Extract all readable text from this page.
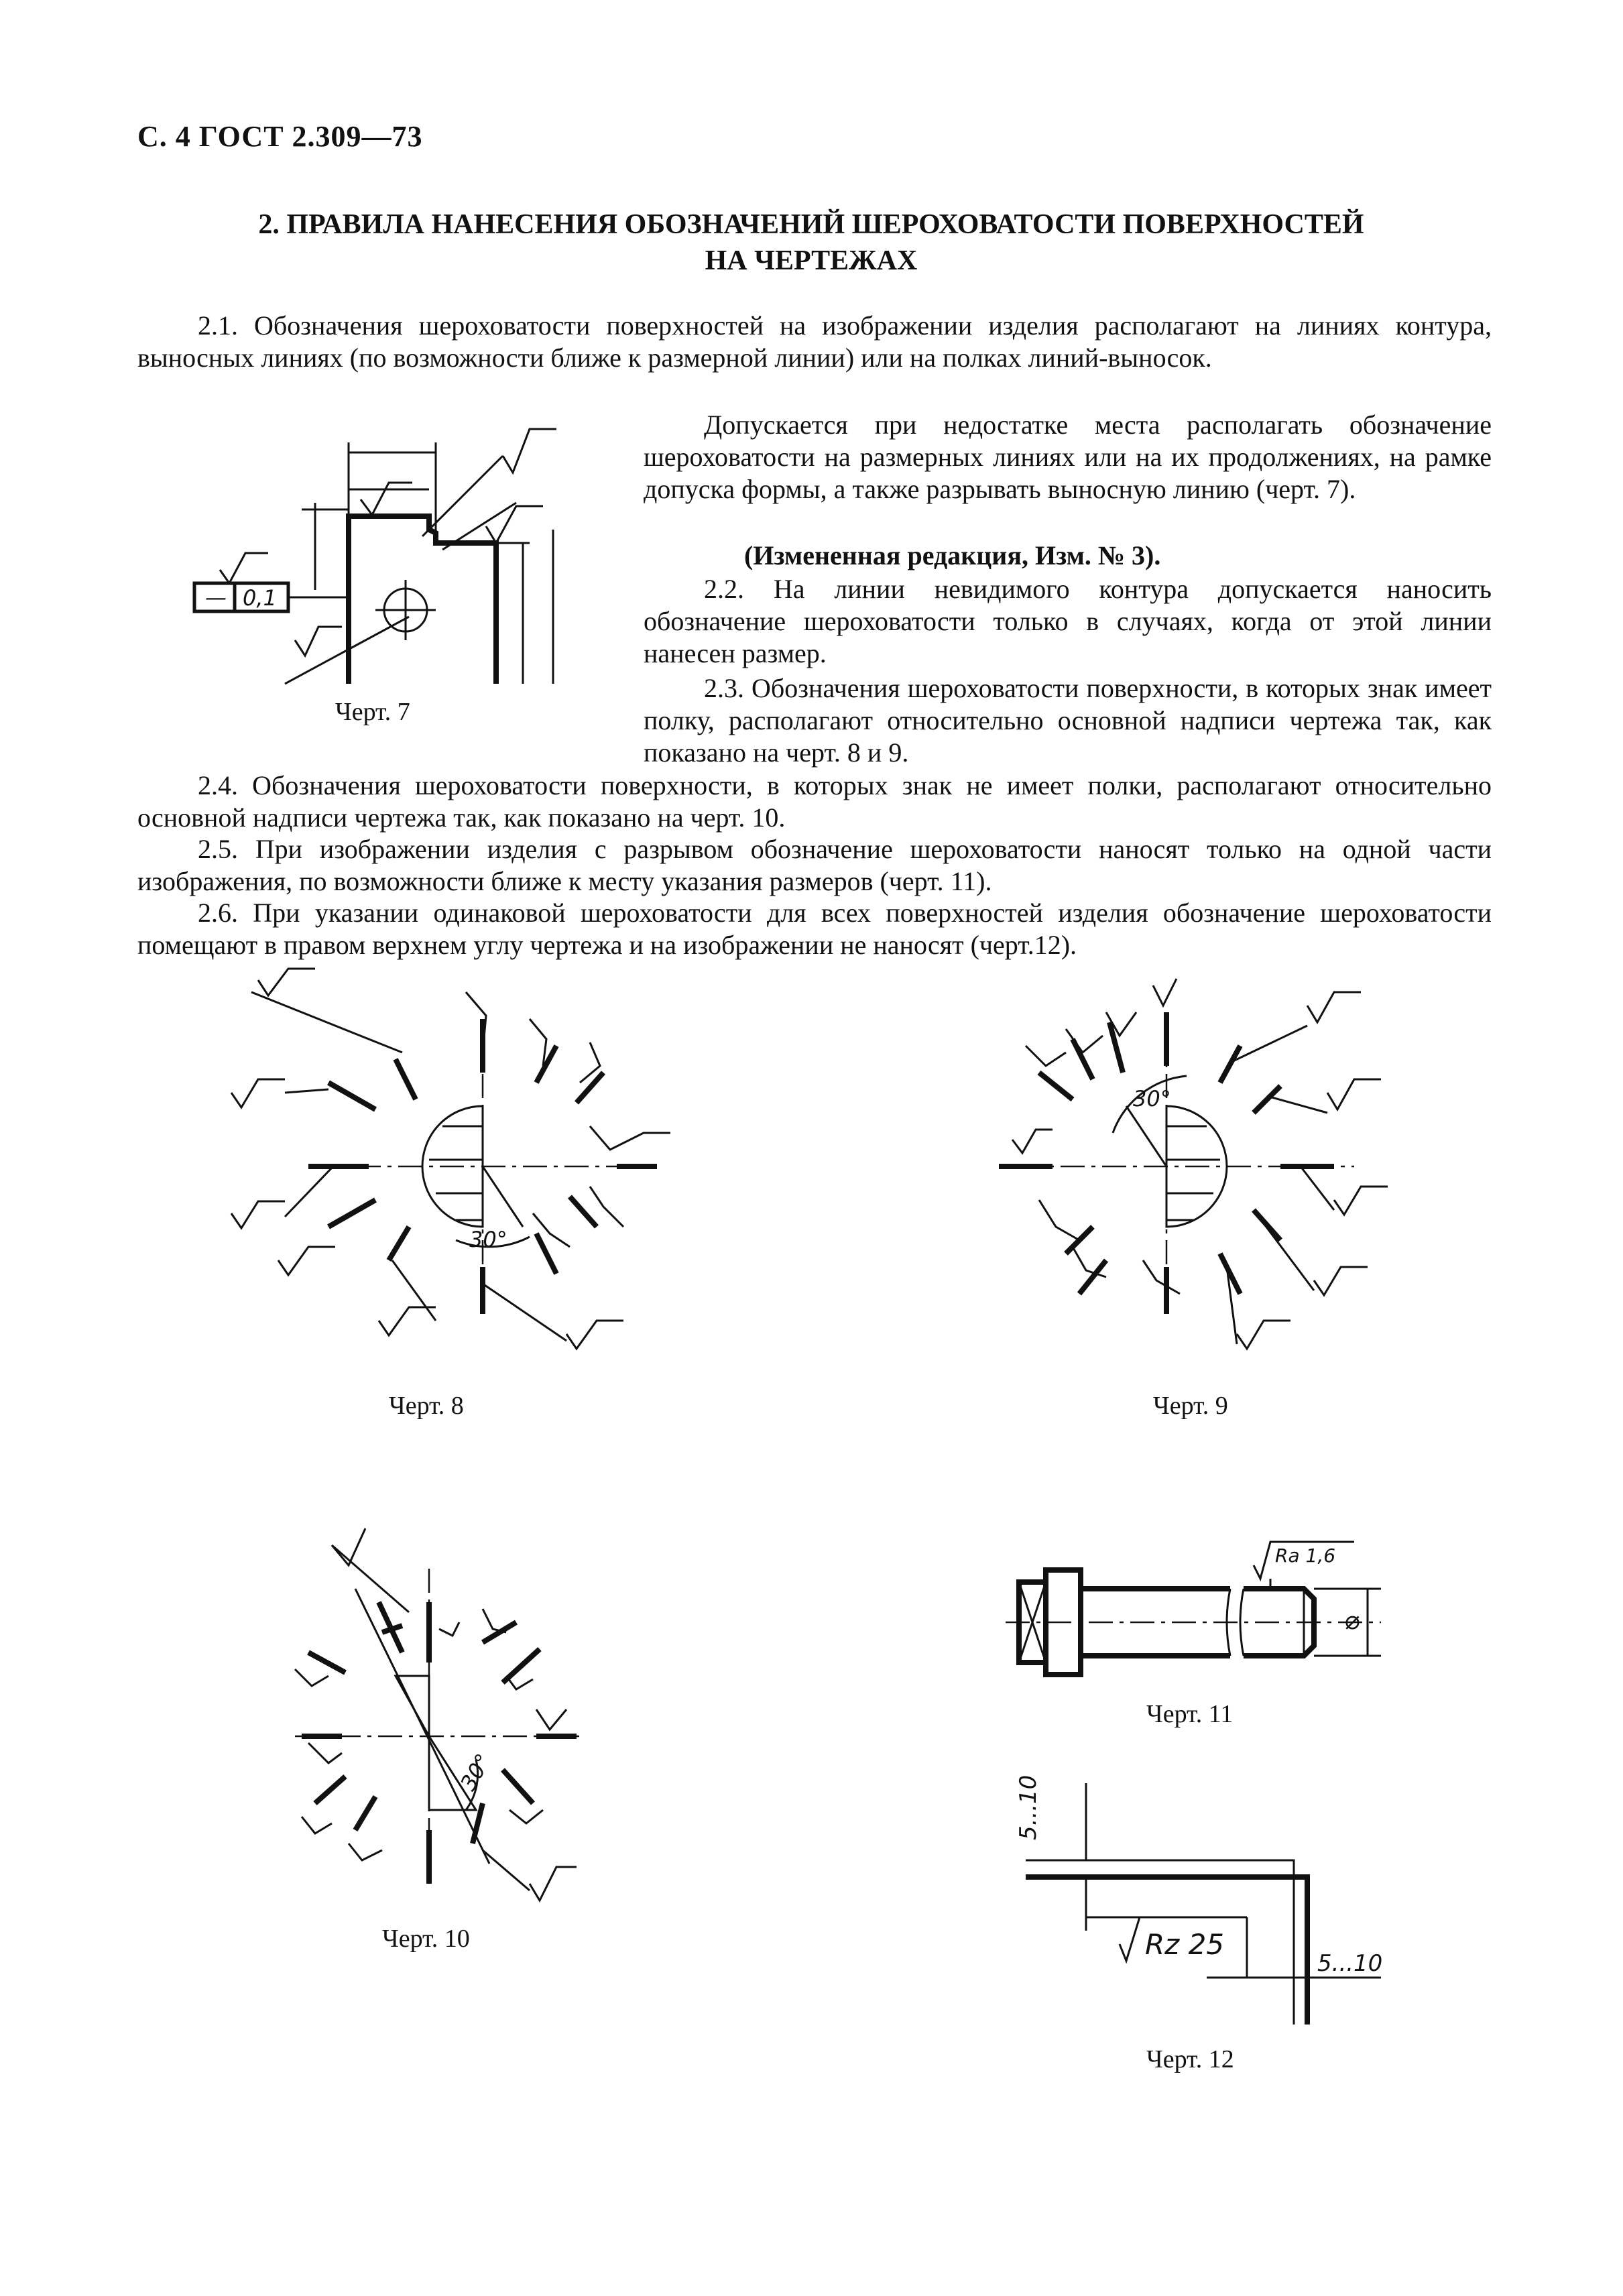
С. 4 ГОСТ 2.309—73
2. ПРАВИЛА НАНЕСЕНИЯ ОБОЗНАЧЕНИЙ ШЕРОХОВАТОСТИ ПОВЕРХНОСТЕЙ
НА ЧЕРТЕЖАХ
2.1. Обозначения шероховатости поверхностей на изображении изделия располагают на линиях контура, выносных линиях (по возможности ближе к размерной линии) или на полках линий-выносок.
Допускается при недостатке места располагать обозначение шероховатости на размерных линиях или на их продолжениях, на рамке допуска формы, а также разрывать выносную линию (черт. 7).
(Измененная редакция, Изм. № 3).
2.2. На линии невидимого контура допускается наносить обозначение шероховатости только в случаях, когда от этой линии нанесен размер.
2.3. Обозначения шероховатости поверхности, в которых знак имеет полку, располагают относительно основной надписи чертежа так, как показано на черт. 8 и 9.
2.4. Обозначения шероховатости поверхности, в которых знак не имеет полки, располагают относительно основной надписи чертежа так, как показано на черт. 10.
2.5. При изображении изделия с разрывом обозначение шероховатости наносят только на одной части изображения, по возможности ближе к месту указания размеров (черт. 11).
2.6. При указании одинаковой шероховатости для всех поверхностей изделия обозначение шероховатости помещают в правом верхнем углу чертежа и на изображении не наносят (черт.12).
— 0,1
Черт. 7
30°
Черт. 8
30°
Черт. 9
30°
Черт. 10
⌀
Ra 1,6
Черт. 11
5...10
Rz 25
5...10
Черт. 12
